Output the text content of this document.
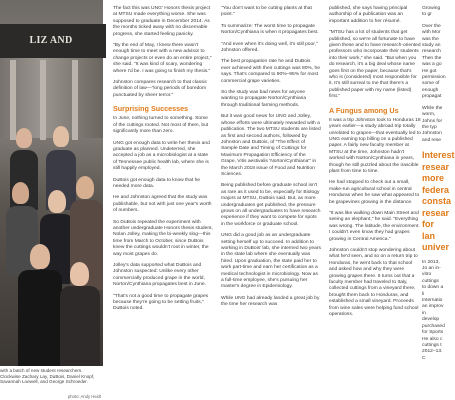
LIZ AND
with a batch of new student researchers. Clockwise Zachary Lay, DuBois, Daniel Knopf, Savannah Loewell, and George Schroeder.
photo: Andy Heidt

The fact this was UNG' Honors thesis project at MTSU made everything worse. She was supposed to graduate in December 2014. As the months ticked away with no discernable progress, she started feeling panicky.

"By the end of May, I knew there wasn't enough time to meet with a new advisor to change projects or even do an entire project," she said. "It was kind of scary, wondering where I'd be. I was going to finish my thesis."

Johnston compares research to that classic definition of law—"long periods of boredom punctuated by sheer terror."

Surprising Successes

In June, nothing turned to something. Some of the cuttings rooted. Not most of them, but significantly more than zero.

UNG got enough data to write her thesis and graduate as planned. Undeterred, she accepted a job as a microbiologist at a state of Tennessee public health lab, where she is still happily employed.

DuBois got enough data to know that he needed more data.

He and Johnston agreed that the study was publishable, but not with just one year's worth of numbers.

So DuBois repeated the experiment with another undergraduate Honors thesis student, Nolan Jolley, making the bi-weekly slog—this time from March to October, since DuBois knew the cuttings wouldn't root in winter, the way most grapes do.

Jolley's data supported what DuBois and Johnston suspected: Unlike every other commercially produced grape in the world, Norton/Cynthiana propagates best in June.

"That's not a good time to propagate grapes because they're going to be setting fruits," DuBois noted.

"You don't want to be cutting plants at that point."

To summarize: The worst time to propagate Norton/Cynthiana is when it propagates best.

"And even when it's doing well, it's still poor," Johnston offered.

The best propagation rate he and DuBois ever achieved with their cuttings was 80%, he says. That's compared to 90%–95% for most commercial grape varieties.

So the study was bad news for anyone wanting to propagate Norton/Cynthiana through traditional farming methods.

But it was good news for UNG and Jolley, whose efforts were ultimately rewarded with a publication. The two MTSU students are listed as first and second authors, followed by Johnston and DuBois, of "The Effect of Sample Date and Timing of Cuttings for Maximum Propagation Efficiency of the Grape, Vitis aestivalis 'Norton/Cynthiana'" in the March 2018 issue of Food and Nutrition Sciences.

Being published before graduate school isn't as rare as it used to be, especially for Biology majors at MTSU, DuBois said. But, as more undergraduates get published, the pressure grows on all undergraduates to have research experience if they want to compete for spots in the workforce or graduate school.

UNG did a good job as an undergraduate setting herself up to succeed. In addition to working in DuBois' lab, she interned two years in the state lab where she eventually was hired. Upon graduation, the state paid her to work part-time and earn her certification as a medical technologist in microbiology. Now as a full-time employee, she's pursuing her master's degree in Epidemiology.

While UNG had already landed a great job by the time her research was

published, she says having principal authorship of a publication was an important addition to her résumé.

"MTSU has a lot of students that get published, so we're all fortunate to have given these and to have research-oriented professors who incorporate their students into their work," she said. "But when you do research, it's a big deal whose name goes first on the paper, because that's who is (considered) most responsible for it. It's still surreal to me that there's a published paper with my name (listed) first."

A Fungus among Us

It was a trip Johnston took to Honduras 18 years earlier—a study abroad trip totally unrelated to grapes—that eventually led to UNG earning top billing on a published paper. A fairly new faculty member at MTSU at the time, Johnston hadn't worked with Norton/Cynthiana in years, though he still puzzled about the irascible plant from time to time.

He had stopped to check out a small, make-run agricultural school in central Honduras when he saw what appeared to be grapevines growing in the distance.

"It was like walking down Main Street and seeing an elephant," he said. "Everything was wrong. The latitude, the environment. I couldn't even know they had grapes growing in Central America."

Johnston couldn't stop wondering about what he'd seen, and so on a return trip to Honduras, he went back to that school and asked how and why they were growing grapes there. It turns out that a faculty member had traveled to Italy, collected cuttings from a vineyard there, brought them back to Honduras, and established a small vineyard. Proceeds from wine sales were helping fund school operations.

Growing to gr

Over the with Mor was the study an research Then the was a go He got permission some of enough propagat

While the worm, Johns for the typ Johnston and rese

Interest resear more federa consta resear for lan univer

In 2013, Jo an in-vitro cuttings to down a li Internatio an improv in develop purchased for Sports He also c cuttings t 2012–13. C
